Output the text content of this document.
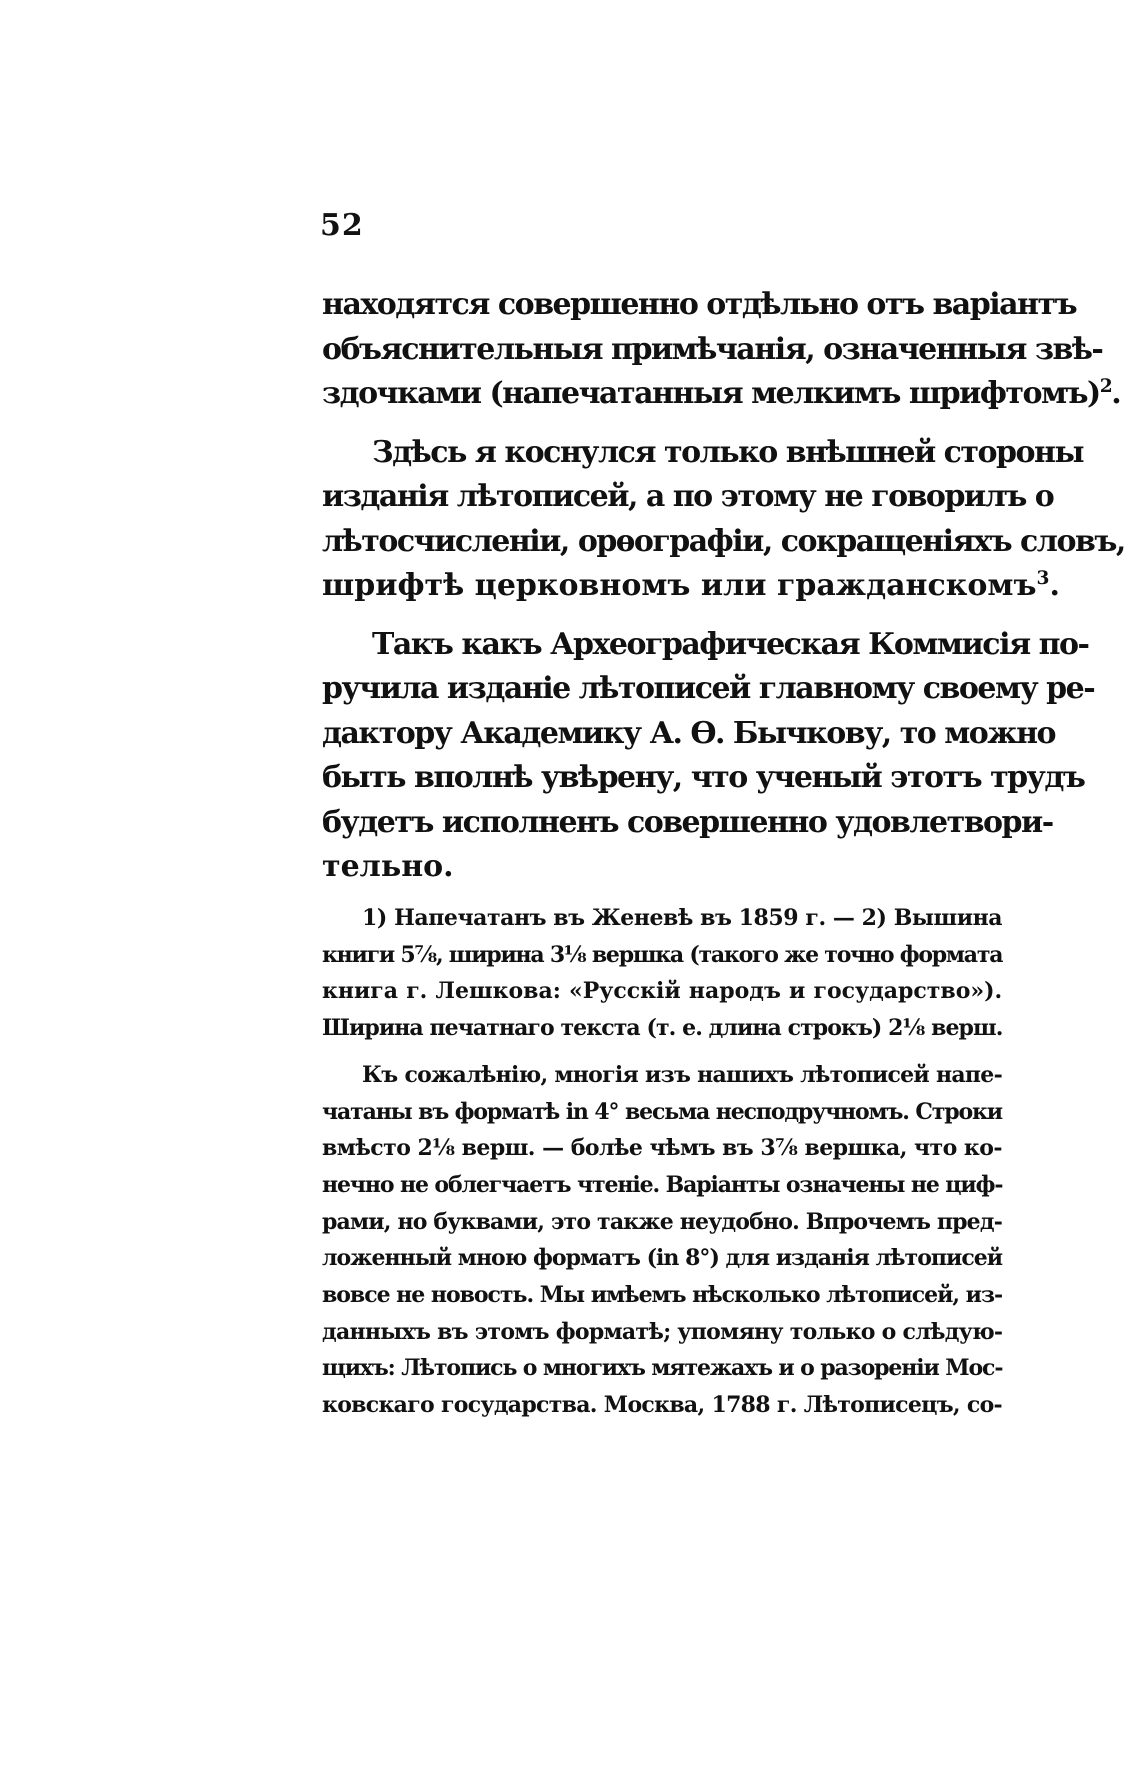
52
находятся совершенно отдѣльно отъ варіантъ
объяснительныя примѣчанія, означенныя звѣ-
здочками (напечатанныя мелкимъ шрифтомъ)$^2$.
Здѣсь я коснулся только внѣшней стороны
изданія лѣтописей, а по этому не говорилъ о
лѣтосчисленіи, орѳографіи, сокращеніяхъ словъ,
шрифтѣ церковномъ или гражданскомъ$^3$.
Такъ какъ Археографическая Коммисія по-
ручила изданіе лѣтописей главному своему ре-
дактору Академику А. Ѳ. Бычкову, то можно
быть вполнѣ увѣрену, что ученый этотъ трудъ
будетъ исполненъ совершенно удовлетвори-
тельно.
1) Напечатанъ въ Женевѣ въ 1859 г. — 2) Вышина
книги 5⅞, ширина 3⅛ вершка (такого же точно формата
книга г. Лешкова: «Русскій народъ и государство»).
Ширина печатнаго текста (т. е. длина строкъ) 2⅛ верш.
Къ сожалѣнію, многія изъ нашихъ лѣтописей напе-
чатаны въ форматѣ in 4° весьма неcподручномъ. Строки
вмѣсто 2⅛ верш. — болѣе чѣмъ въ 3⅞ вершка, что ко-
нечно не облегчаетъ чтеніе. Варіанты означены не циф-
рами, но буквами, это также неудобно. Впрочемъ пред-
ложенный мною форматъ (in 8°) для изданія лѣтописей
вовсе не новость. Мы имѣемъ нѣсколько лѣтописей, из-
данныхъ въ этомъ форматѣ; упомяну только о слѣдую-
щихъ: Лѣтопись о многихъ мятежахъ и о разореніи Мос-
ковскаго государства. Москва, 1788 г. Лѣтописецъ, со-
